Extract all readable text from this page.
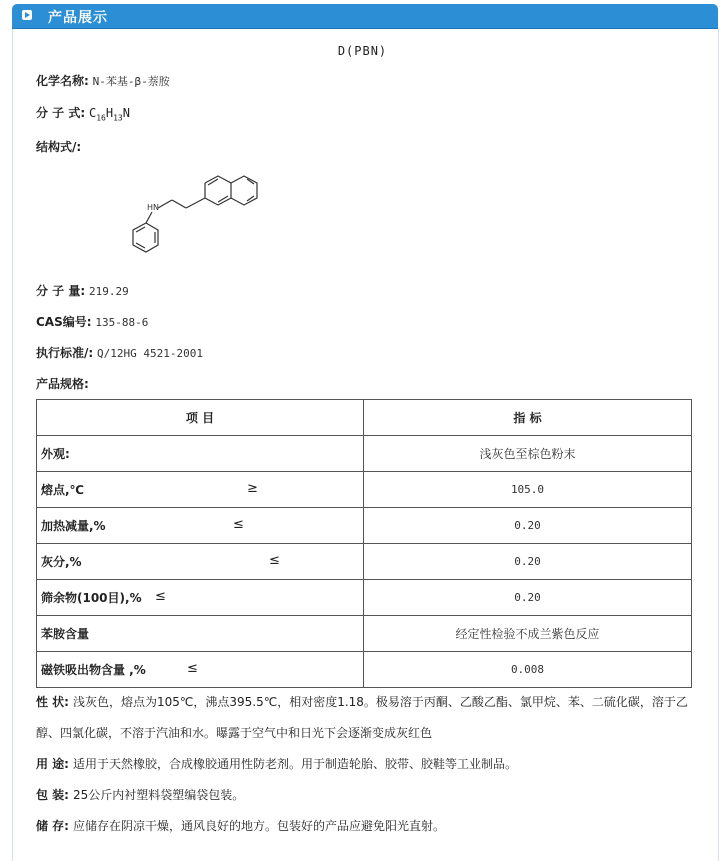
产品展示
D(PBN)
化学名称: N-苯基-β-萘胺
分 子 式: $C_{16}H_{13}N$
结构式/:
HN
分 子 量: 219.29
CAS编号: 135-88-6
执行标准/: Q/12HG 4521-2001
产品规格:
项 目	指 标
外观:	浅灰色至棕色粉末
熔点,℃ ≥	105.0
加热减量,% ≤	0.20
灰分,% ≤	0.20
筛余物(100目),% ≤	0.20
苯胺含量	经定性检验不成兰紫色反应
磁铁吸出物含量 ,% ≤	0.008
性 状: 浅灰色，熔点为105℃，沸点395.5℃，相对密度1.18。极易溶于丙酮、乙酸乙酯、氯甲烷、苯、二硫化碳，溶于乙醇、四氯化碳，不溶于汽油和水。曝露于空气中和日光下会逐渐变成灰红色
用 途: 适用于天然橡胶，合成橡胶通用性防老剂。用于制造轮胎、胶带、胶鞋等工业制品。
包 装: 25公斤内衬塑料袋塑编袋包装。
储 存: 应储存在阴凉干燥，通风良好的地方。包装好的产品应避免阳光直射。
